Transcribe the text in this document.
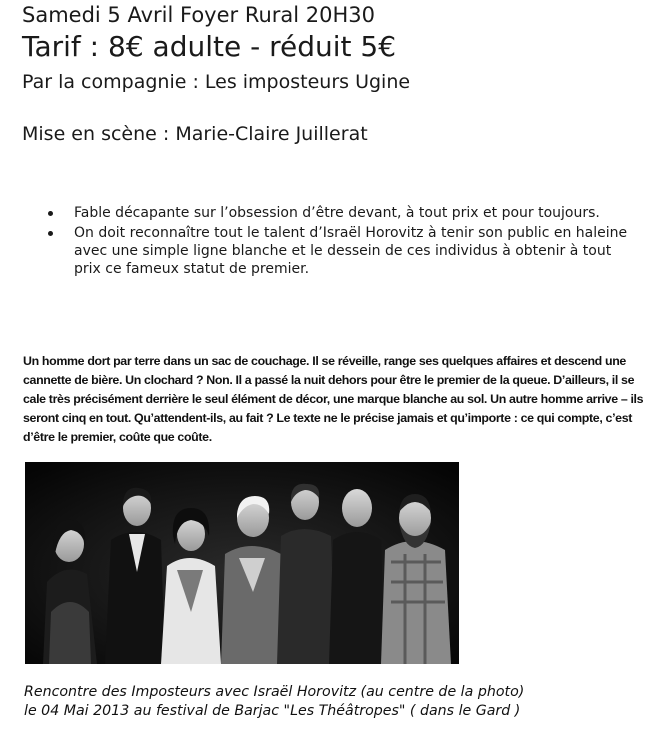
Samedi 5 Avril Foyer Rural 20H30

Tarif : 8€ adulte - réduit 5€

Par la compagnie : Les imposteurs Ugine

Mise en scène : Marie-Claire Juillerat

Fable décapante sur l’obsession d’être devant, à tout prix et pour toujours.
On doit reconnaître tout le talent d’Israël Horovitz à tenir son public en haleine avec une simple ligne blanche et le dessein de ces individus à obtenir à tout prix ce fameux statut de premier.

Un homme dort par terre dans un sac de couchage. Il se réveille, range ses quelques affaires et descend une cannette de bière. Un clochard ? Non. Il a passé la nuit dehors pour être le premier de la queue. D’ailleurs, il se cale très précisément derrière le seul élément de décor, une marque blanche au sol. Un autre homme arrive – ils seront cinq en tout. Qu’attendent-ils, au fait ? Le texte ne le précise jamais et qu’importe : ce qui compte, c’est d’être le premier, coûte que coûte.

Rencontre des Imposteurs avec Israël Horovitz (au centre de la photo)
le 04 Mai 2013 au festival de Barjac "Les Théâtropes" ( dans le Gard )
